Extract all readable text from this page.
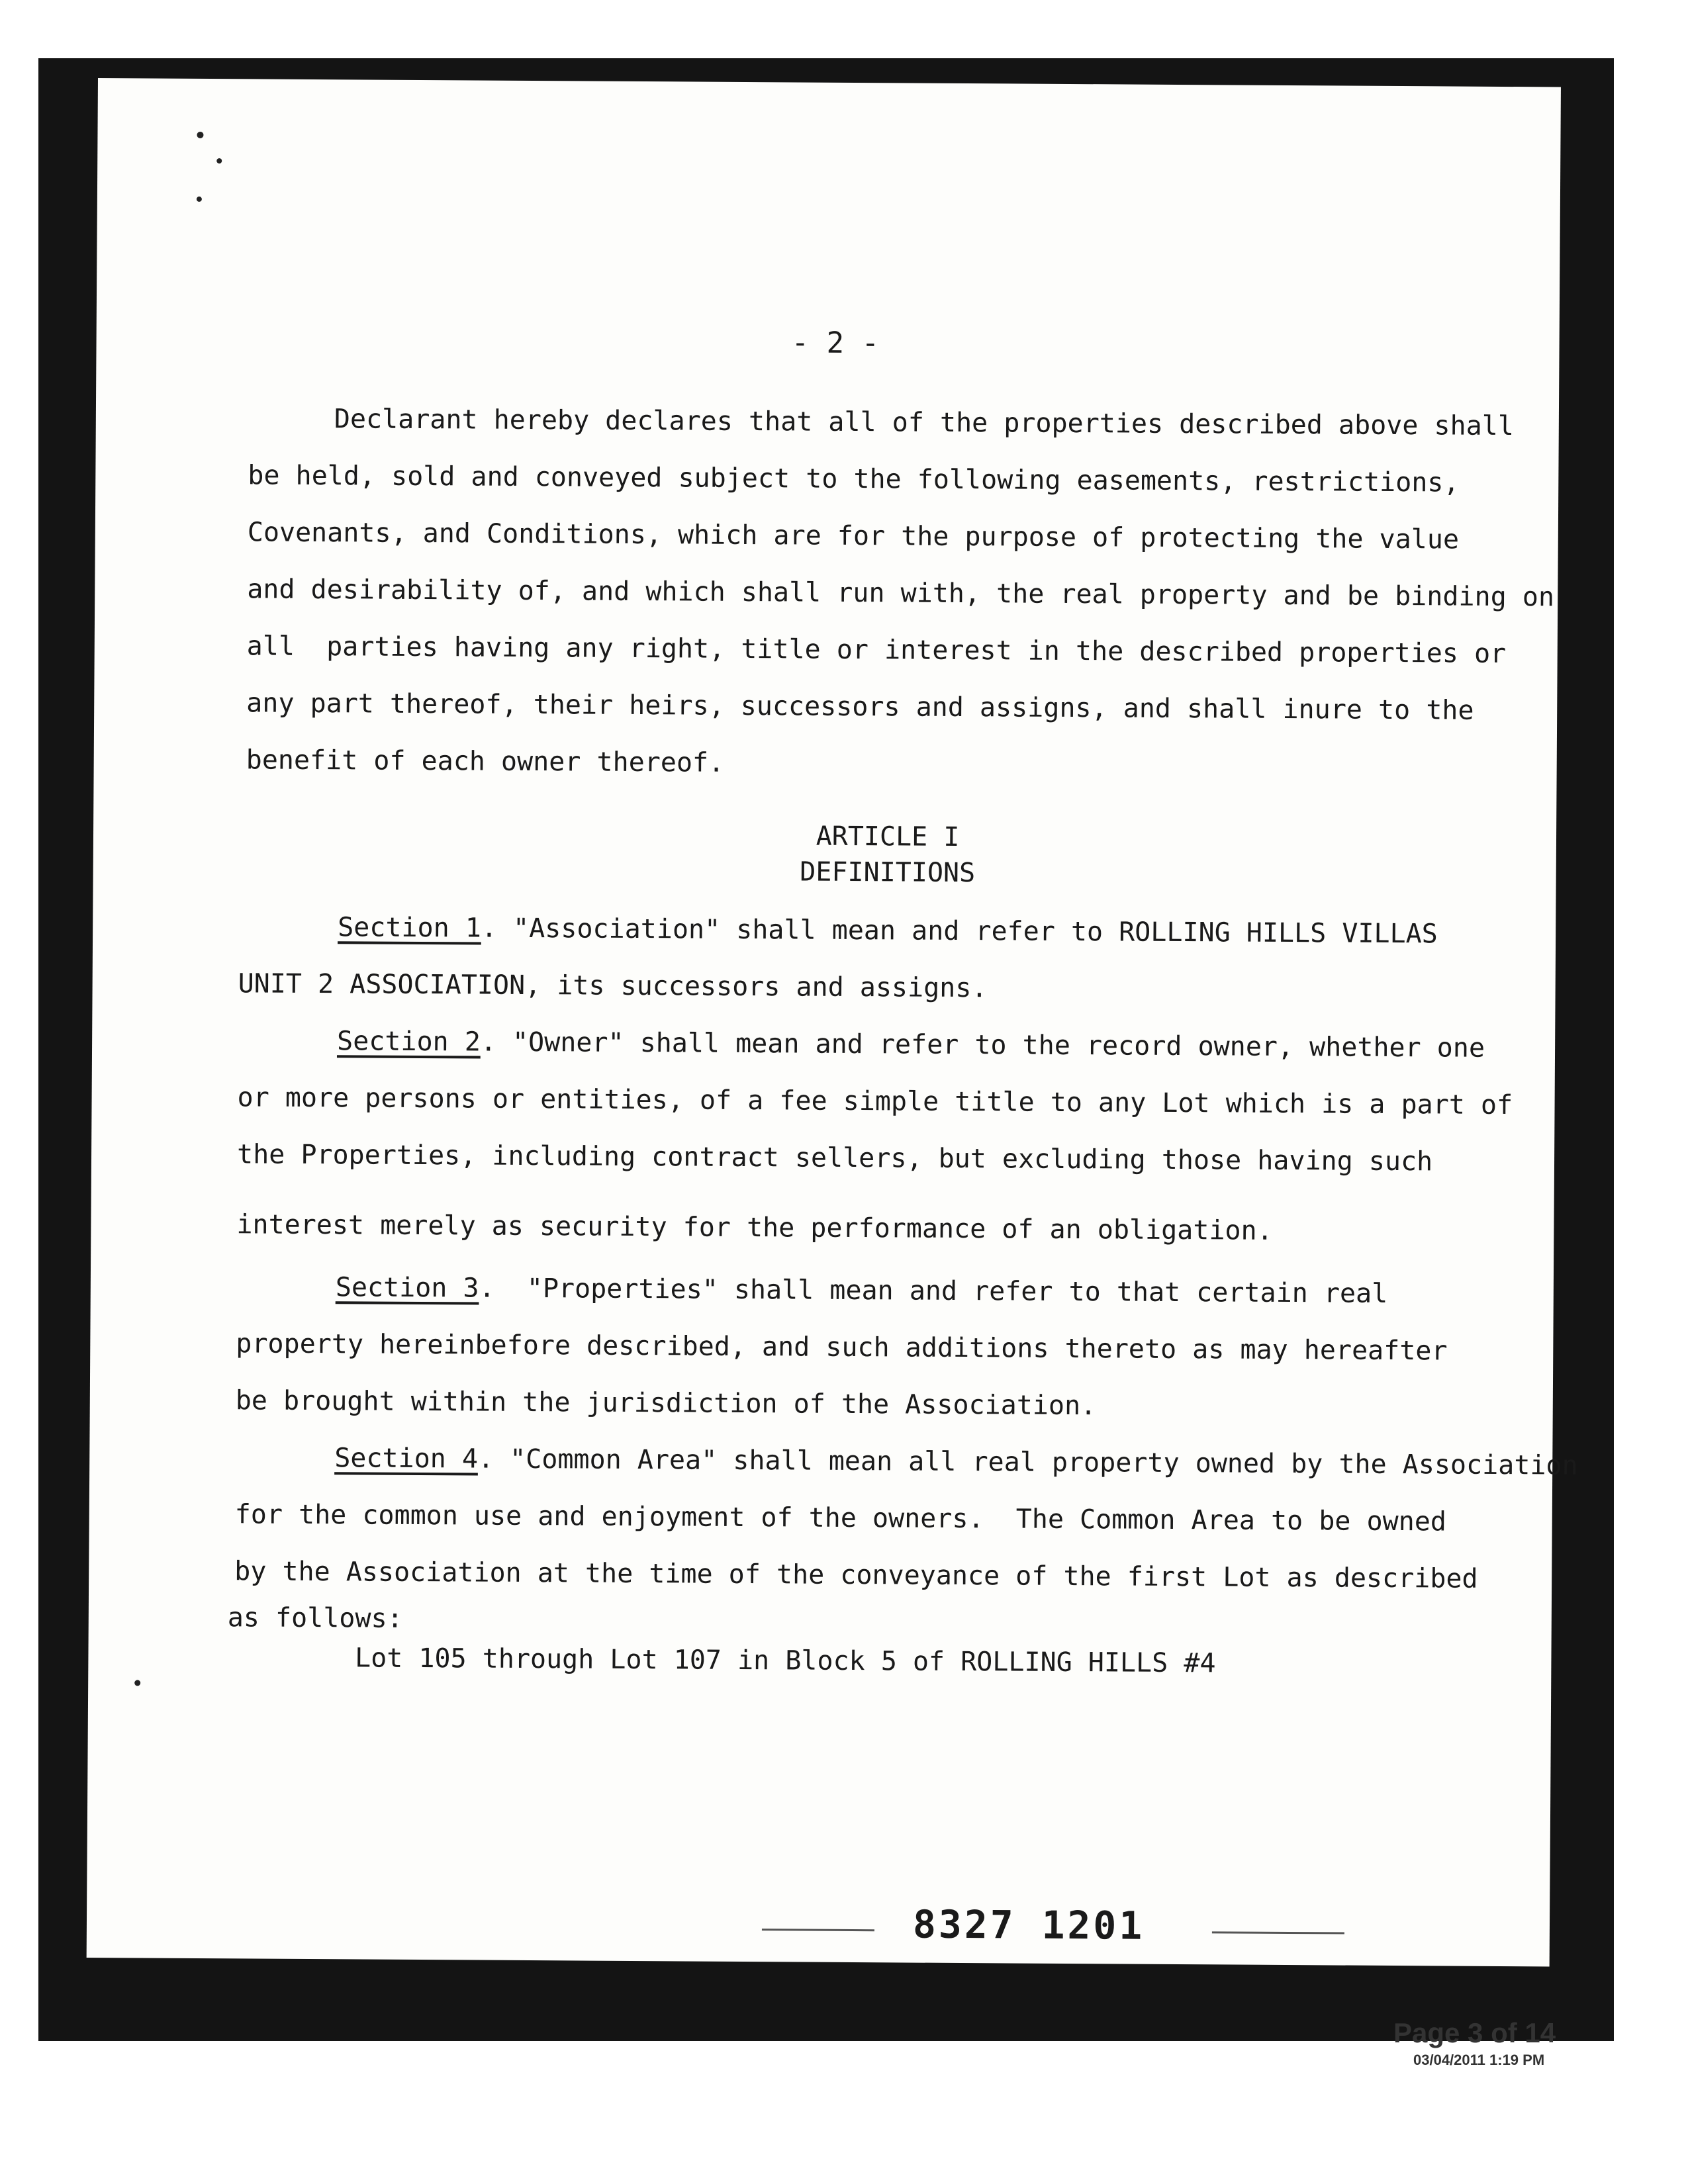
- 2 -
Declarant hereby declares that all of the properties described above shall
be held, sold and conveyed subject to the following easements, restrictions,
Covenants, and Conditions, which are for the purpose of protecting the value
and desirability of, and which shall run with, the real property and be binding on
all  parties having any right, title or interest in the described properties or
any part thereof, their heirs, successors and assigns, and shall inure to the
benefit of each owner thereof.
ARTICLE I
DEFINITIONS
Section 1. "Association" shall mean and refer to ROLLING HILLS VILLAS
UNIT 2 ASSOCIATION, its successors and assigns.
Section 2. "Owner" shall mean and refer to the record owner, whether one
or more persons or entities, of a fee simple title to any Lot which is a part of
the Properties, including contract sellers, but excluding those having such
interest merely as security for the performance of an obligation.
Section 3.  "Properties" shall mean and refer to that certain real
property hereinbefore described, and such additions thereto as may hereafter
be brought within the jurisdiction of the Association.
Section 4. "Common Area" shall mean all real property owned by the Association
for the common use and enjoyment of the owners.  The Common Area to be owned
by the Association at the time of the conveyance of the first Lot as described
as follows:
Lot 105 through Lot 107 in Block 5 of ROLLING HILLS #4
8327 1201
Page 3 of 14
03/04/2011 1:19 PM
